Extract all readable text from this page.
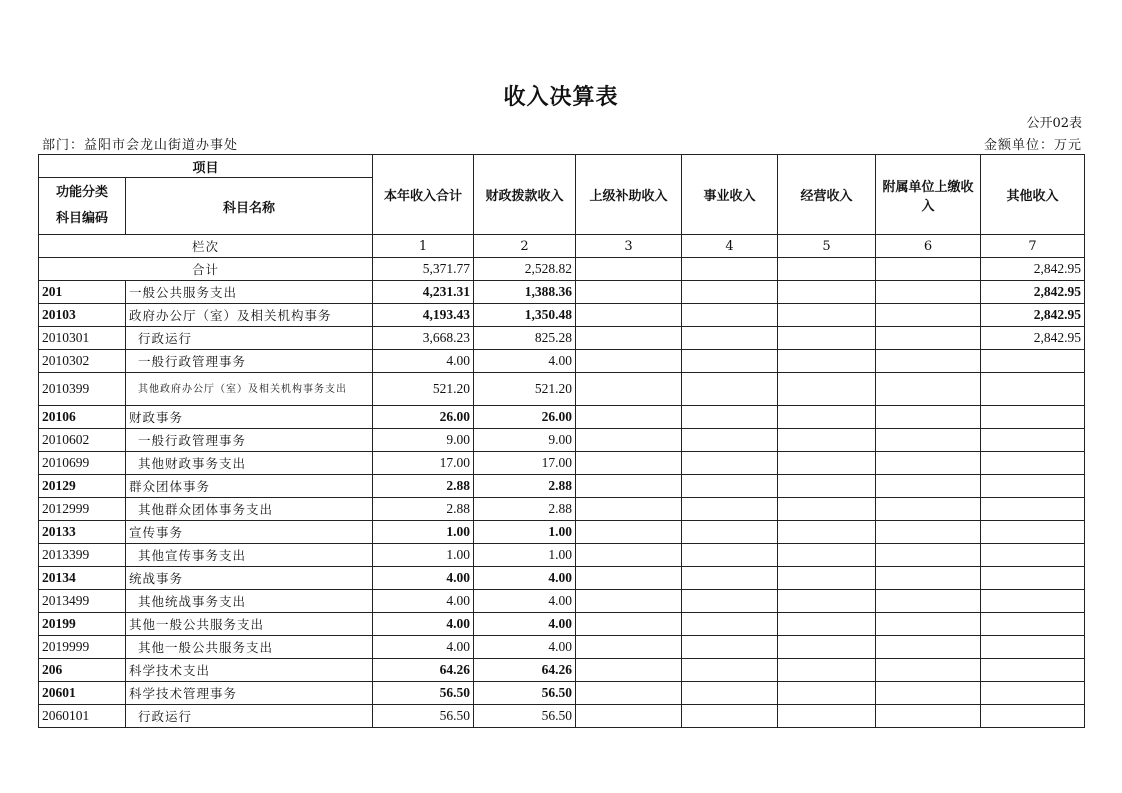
收入决算表
公开02表
部门：益阳市会龙山街道办事处	金额单位：万元
项目		本年收入合计	财政拨款收入	上级补助收入	事业收入	经营收入	附属单位上缴收入	其他收入

功能分类
科目编码	科目名称							
栏次		1	2	3	4	5	6	7
合计		5,371.77	2,528.82					2,842.95
201	一般公共服务支出	4,231.31	1,388.36					2,842.95
20103	政府办公厅（室）及相关机构事务	4,193.43	1,350.48					2,842.95
2010301	行政运行	3,668.23	825.28					2,842.95
2010302	一般行政管理事务	4.00	4.00					
2010399	其他政府办公厅（室）及相关机构事务支出	521.20	521.20					
20106	财政事务	26.00	26.00					
2010602	一般行政管理事务	9.00	9.00					
2010699	其他财政事务支出	17.00	17.00					
20129	群众团体事务	2.88	2.88					
2012999	其他群众团体事务支出	2.88	2.88					
20133	宣传事务	1.00	1.00					
2013399	其他宣传事务支出	1.00	1.00					
20134	统战事务	4.00	4.00					
2013499	其他统战事务支出	4.00	4.00					
20199	其他一般公共服务支出	4.00	4.00					
2019999	其他一般公共服务支出	4.00	4.00					
206	科学技术支出	64.26	64.26					
20601	科学技术管理事务	56.50	56.50					
2060101	行政运行	56.50	56.50					
